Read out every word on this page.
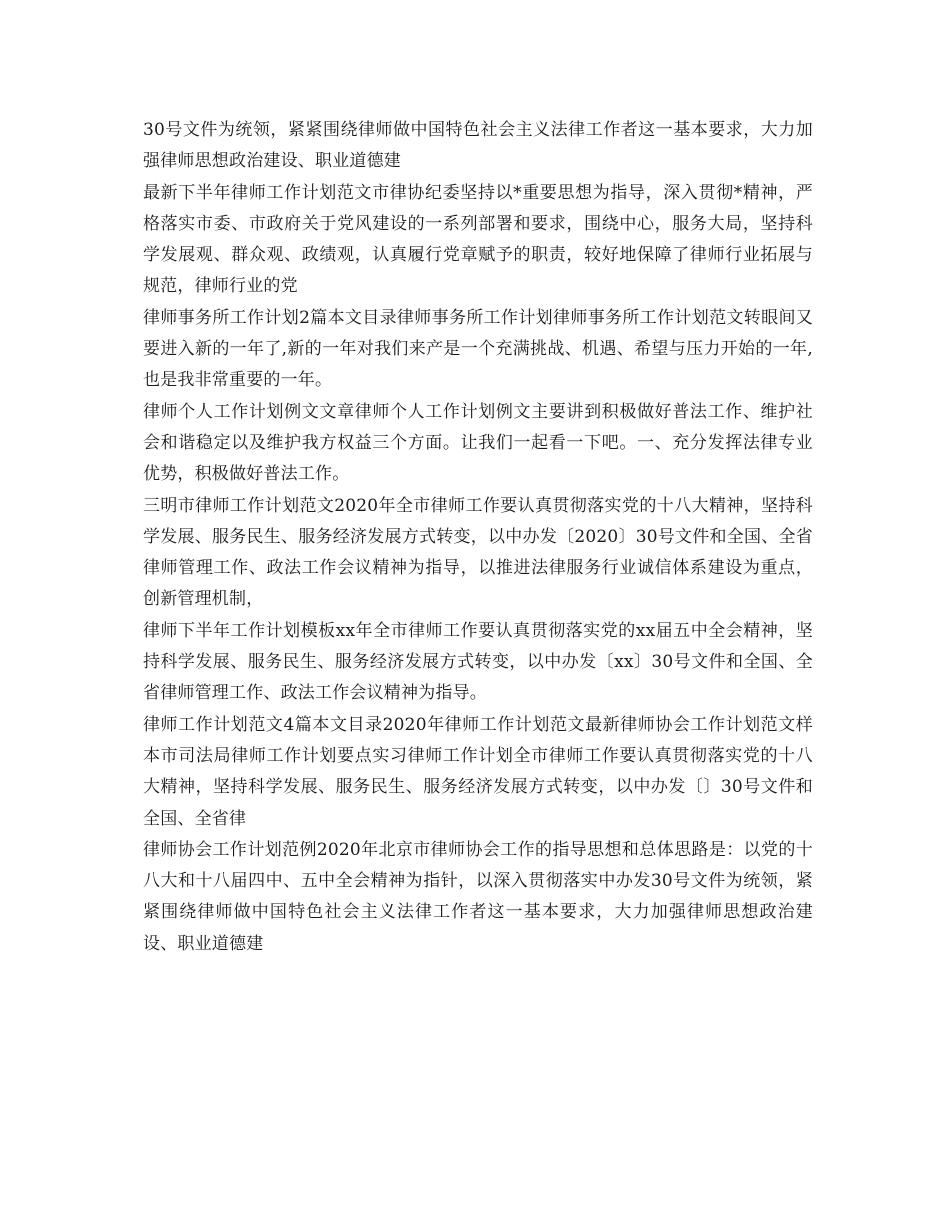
30号文件为统领，紧紧围绕律师做中国特色社会主义法律工作者这一基本要求，大力加强律师思想政治建设、职业道德建

最新下半年律师工作计划范文市律协纪委坚持以*重要思想为指导，深入贯彻*精神，严格落实市委、市政府关于党风建设的一系列部署和要求，围绕中心，服务大局，坚持科学发展观、群众观、政绩观，认真履行党章赋予的职责，较好地保障了律师行业拓展与规范，律师行业的党

律师事务所工作计划2篇本文目录律师事务所工作计划律师事务所工作计划范文转眼间又要进入新的一年了,新的一年对我们来产是一个充满挑战、机遇、希望与压力开始的一年,也是我非常重要的一年。

律师个人工作计划例文文章律师个人工作计划例文主要讲到积极做好普法工作、维护社会和谐稳定以及维护我方权益三个方面。让我们一起看一下吧。一、充分发挥法律专业优势，积极做好普法工作。

三明市律师工作计划范文2020年全市律师工作要认真贯彻落实党的十八大精神，坚持科学发展、服务民生、服务经济发展方式转变，以中办发〔2020〕30号文件和全国、全省律师管理工作、政法工作会议精神为指导，以推进法律服务行业诚信体系建设为重点，创新管理机制，

律师下半年工作计划模板xx年全市律师工作要认真贯彻落实党的xx届五中全会精神，坚持科学发展、服务民生、服务经济发展方式转变，以中办发〔xx〕30号文件和全国、全省律师管理工作、政法工作会议精神为指导。

律师工作计划范文4篇本文目录2020年律师工作计划范文最新律师协会工作计划范文样本市司法局律师工作计划要点实习律师工作计划全市律师工作要认真贯彻落实党的十八大精神，坚持科学发展、服务民生、服务经济发展方式转变，以中办发〔〕30号文件和全国、全省律

律师协会工作计划范例2020年北京市律师协会工作的指导思想和总体思路是：以党的十八大和十八届四中、五中全会精神为指针，以深入贯彻落实中办发30号文件为统领，紧紧围绕律师做中国特色社会主义法律工作者这一基本要求，大力加强律师思想政治建设、职业道德建
